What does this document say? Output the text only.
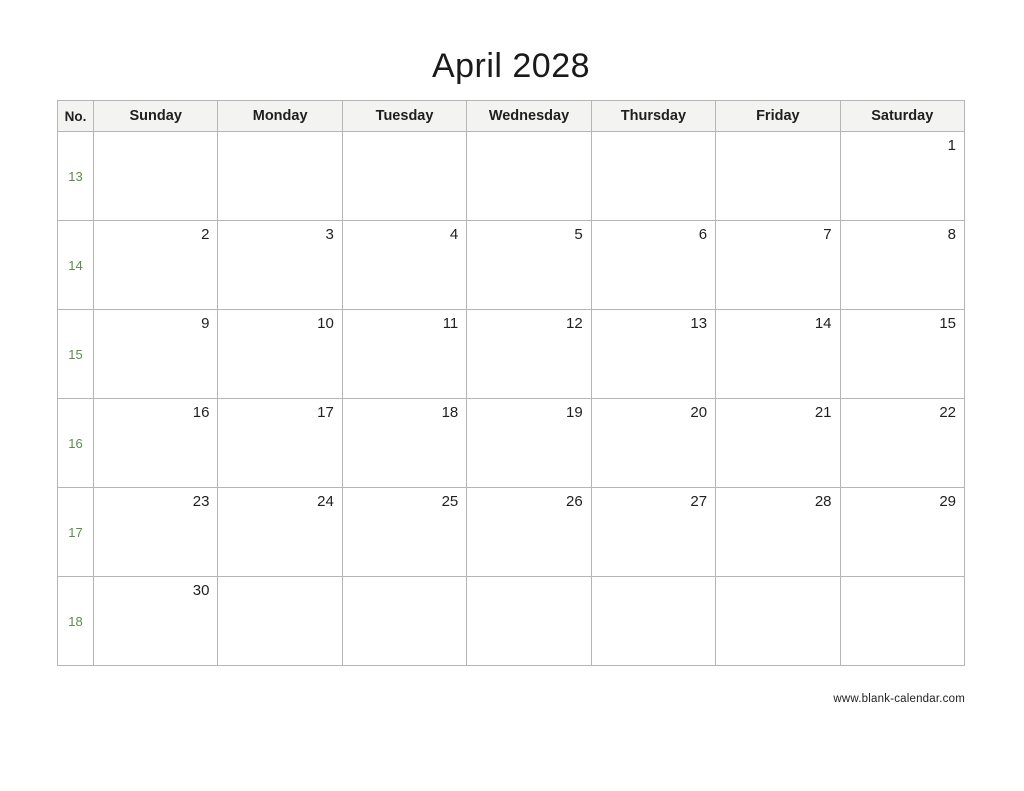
April 2028
No.	Sunday	Monday	Tuesday	Wednesday	Thursday	Friday	Saturday
13							1

14	2	3	4	5	6	7	8

15	9	10	11	12	13	14	15

16	16	17	18	19	20	21	22

17	23	24	25	26	27	28	29

18	30						

www.blank-calendar.com
